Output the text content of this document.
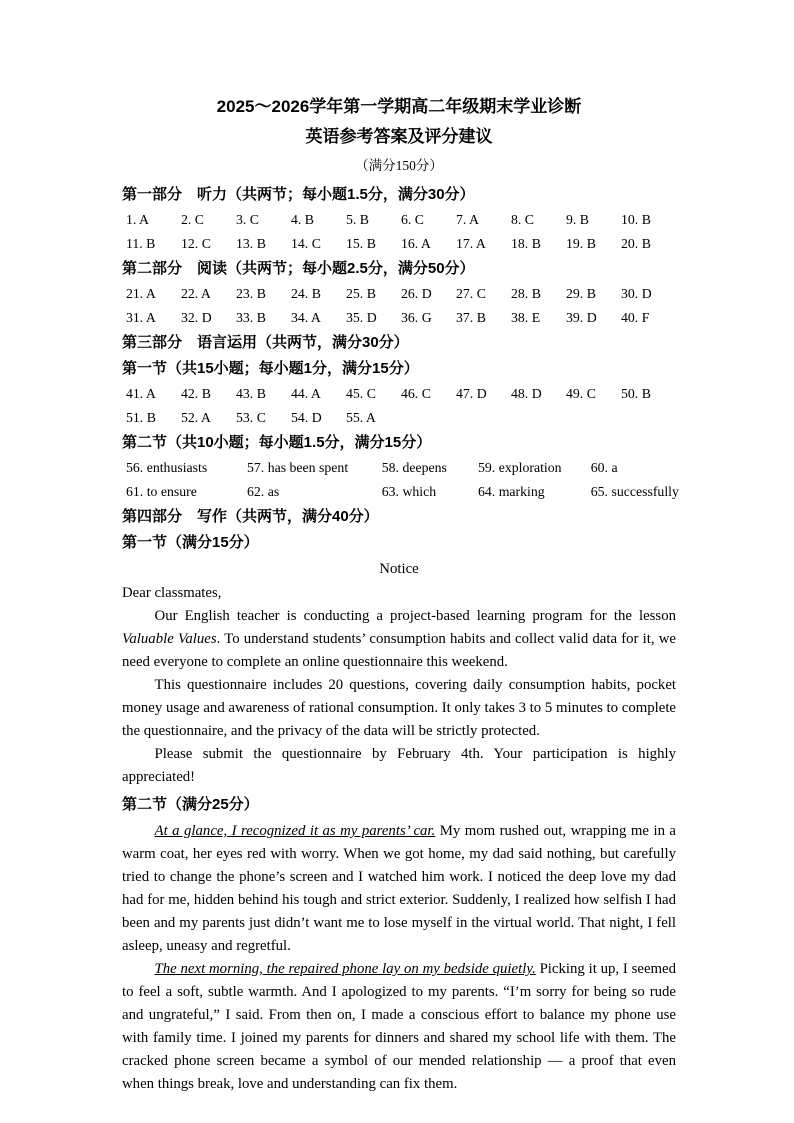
2025～2026学年第一学期高二年级期末学业诊断
英语参考答案及评分建议
（满分150分）
第一部分　听力（共两节；每小题1.5分，满分30分）
1. A	2. C	3. C	4. B	5. B	6. C	7. A	8. C	9. B	10. B
11. B	12. C	13. B	14. C	15. B	16. A	17. A	18. B	19. B	20. B
第二部分　阅读（共两节；每小题2.5分，满分50分）
21. A	22. A	23. B	24. B	25. B	26. D	27. C	28. B	29. B	30. D
31. A	32. D	33. B	34. A	35. D	36. G	37. B	38. E	39. D	40. F
第三部分　语言运用（共两节，满分30分）
第一节（共15小题；每小题1分，满分15分）
41. A	42. B	43. B	44. A	45. C	46. C	47. D	48. D	49. C	50. B
51. B	52. A	53. C	54. D	55. A
第二节（共10小题；每小题1.5分，满分15分）
56. enthusiasts	57. has been spent	58. deepens	59. exploration	60. a
61. to ensure	62. as	63. which	64. marking	65. successfully
第四部分　写作（共两节，满分40分）
第一节（满分15分）
Notice

Dear classmates,

Our English teacher is conducting a project-based learning program for the lesson Valuable Values. To understand students’ consumption habits and collect valid data for it, we need everyone to complete an online questionnaire this weekend.

This questionnaire includes 20 questions, covering daily consumption habits, pocket money usage and awareness of rational consumption. It only takes 3 to 5 minutes to complete the questionnaire, and the privacy of the data will be strictly protected.

Please submit the questionnaire by February 4th. Your participation is highly appreciated!

第二节（满分25分）

At a glance, I recognized it as my parents’ car. My mom rushed out, wrapping me in a warm coat, her eyes red with worry. When we got home, my dad said nothing, but carefully tried to change the phone’s screen and I watched him work. I noticed the deep love my dad had for me, hidden behind his tough and strict exterior. Suddenly, I realized how selfish I had been and my parents just didn’t want me to lose myself in the virtual world. That night, I fell asleep, uneasy and regretful.

The next morning, the repaired phone lay on my bedside quietly. Picking it up, I seemed to feel a soft, subtle warmth. And I apologized to my parents. “I’m sorry for being so rude and ungrateful,” I said. From then on, I made a conscious effort to balance my phone use with family time. I joined my parents for dinners and shared my school life with them. The cracked phone screen became a symbol of our mended relationship — a proof that even when things break, love and understanding can fix them.
